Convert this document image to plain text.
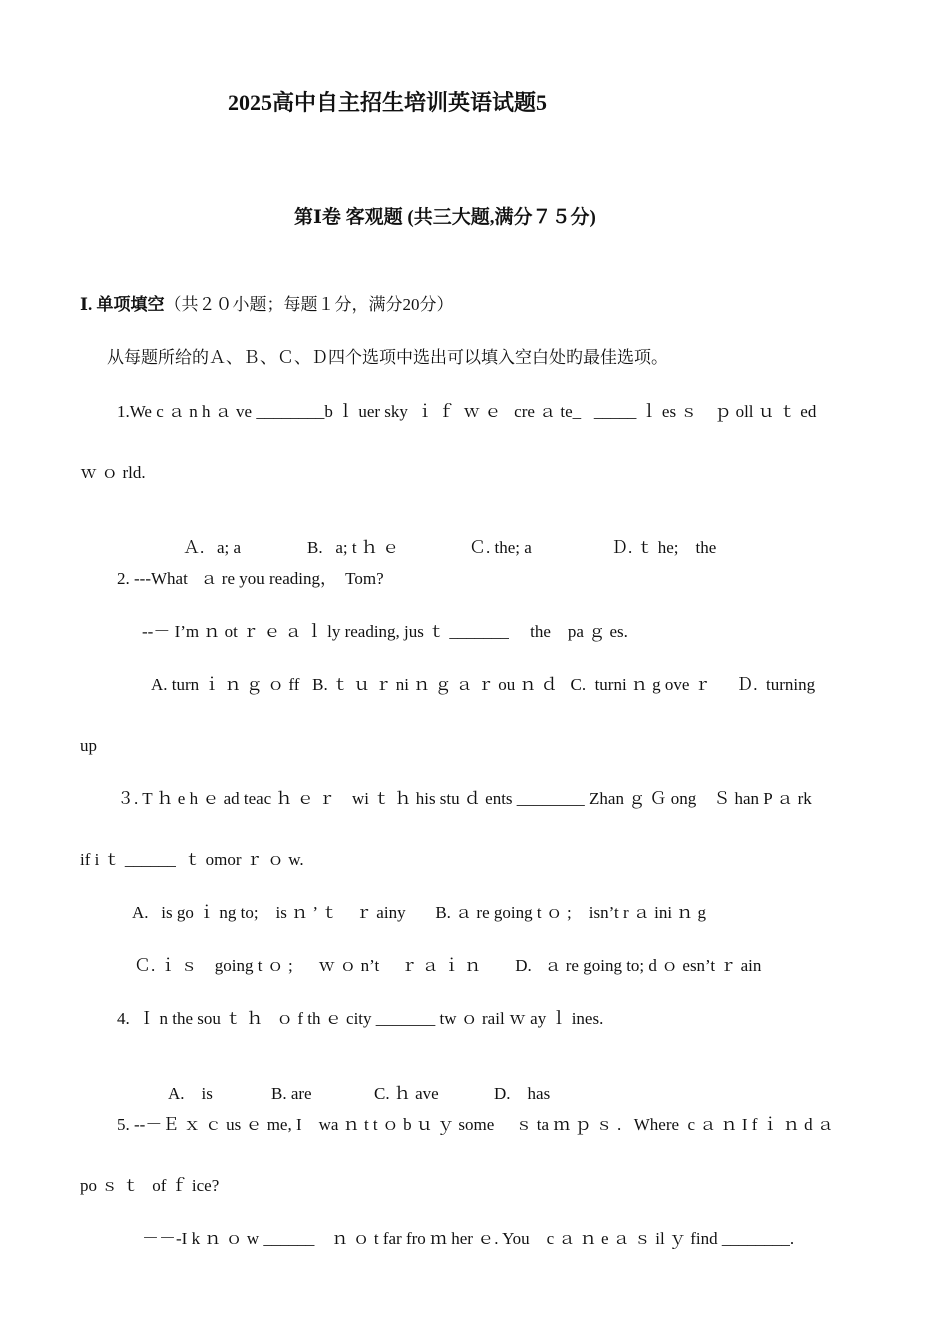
2025高中自主招生培训英语试题5
第Ⅰ卷 客观题 (共三大题,满分７５分)
Ⅰ. 单项填空（共２０小题；每题１分，满分20分）
从每题所给的Ａ、Ｂ、Ｃ、Ｄ四个选项中选出可以填入空白处旳最佳选项。
1.We c ａ n h ａ ve ________b ｌ uer sky  ｉ ｆ  ｗ ｅ   cre ａ te_   _____ ｌ es ｓ    ｐ oll ｕ ｔ ed
ｗ ｏ rld.

Ａ.   a; a	B.   a; t ｈ ｅ	Ｃ. the; a	Ｄ. ｔ he;    the

2. ---What   ａ re you reading，  Tom?
--－ I’m ｎ ot ｒ ｅ ａ ｌ ly reading, jus ｔ _______     the    pa ｇ es.
A. turn ｉ ｎ ｇ ｏ ff   B. ｔ ｕ ｒ ni ｎ ｇ ａ ｒ ou ｎ ｄ   C.  turni ｎ g ove ｒ      Ｄ.  turning
up
３. T ｈ e h ｅ ad teac ｈ ｅ ｒ    wi ｔ ｈ his stu ｄ ents ________ Zhan ｇ Ｇ ong    Ｓ han P ａ rk
if i ｔ ______  ｔ omor ｒ ｏ w.
A.   is go ｉ ng to;    is ｎ ’ ｔ    ｒ ainy       B. ａ re going t ｏ ;    isn’t r ａ ini ｎ g
Ｃ. ｉ ｓ    going t ｏ ;      ｗ ｏ n’t     ｒ ａ ｉ ｎ        D.   ａ re going to; d ｏ esn’t ｒ ain
4.  Ｉ n the sou ｔ ｈ   ｏ f th ｅ city _______ tw ｏ rail ｗ ay ｌ ines.

A.    is	B. are	C. ｈ ave	D.    has

5. --－Ｅ ｘ ｃ us ｅ me, I    wa ｎ t t ｏ b ｕ ｙ some     ｓ ta ｍ ｐ ｓ .   Where  c ａ ｎ I f ｉ ｎ d ａ
po ｓ ｔ   of ｆ ice?
－－-I k ｎ ｏ w ______    ｎ ｏ t far fro ｍ her ｅ. You    c ａ ｎ e ａ ｓ il ｙ find ________.
